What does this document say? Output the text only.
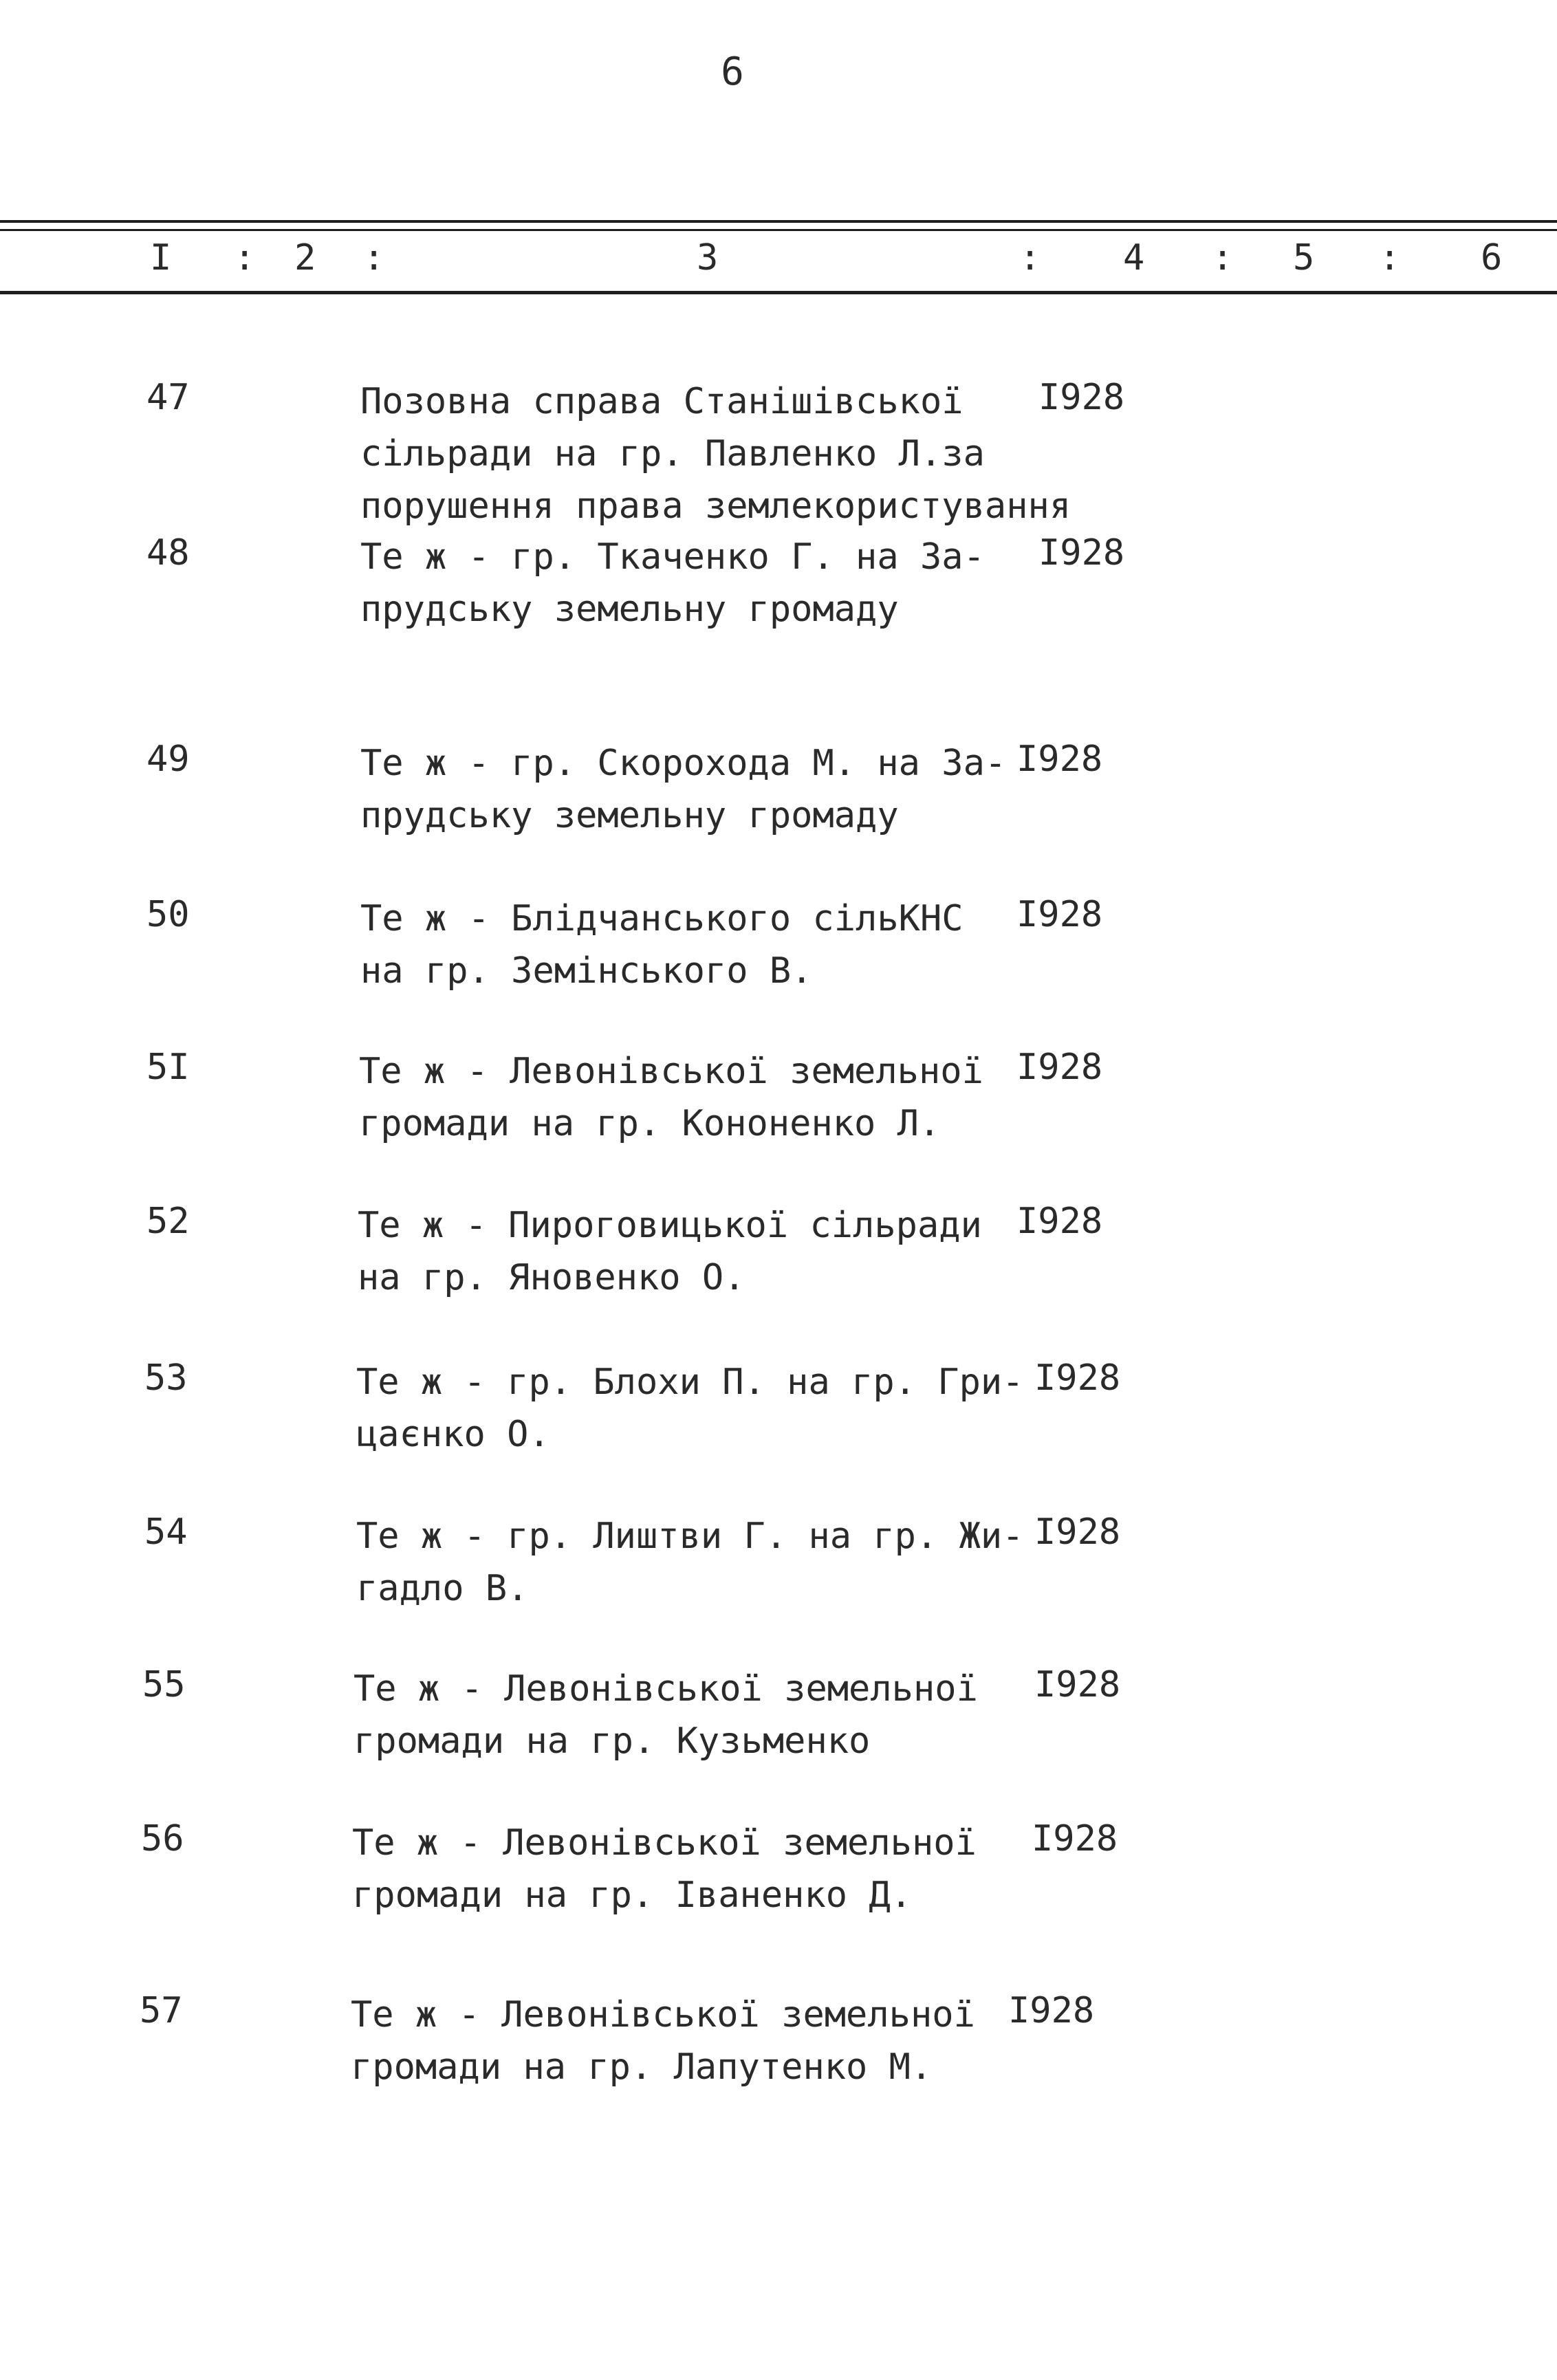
6
I : 2 :	3	: 4 : 5 : 6
47	Позовна справа Станішівської
сільради на гр. Павленко Л.за
порушення права землекористування
I928
48	Те ж - гр. Ткаченко Г. на За-
прудську земельну громаду
I928
49	Те ж - гр. Скорохода М. на За-
прудську земельну громаду
I928
50	Те ж - Блідчанського сільКНС
на гр. Земінського В.
I928
5I	Те ж - Левонівської земельної
громади на гр. Кононенко Л.
I928
52	Те ж - Пироговицької сільради
на гр. Яновенко О.
I928
53	Те ж - гр. Блохи П. на гр. Гри-
цаєнко О.
I928
54	Те ж - гр. Лиштви Г. на гр. Жи-
гадло В.
I928
55	Те ж - Левонівської земельної
громади на гр. Кузьменко
I928
56	Те ж - Левонівської земельної
громади на гр. Іваненко Д.
I928
57	Те ж - Левонівської земельної
громади на гр. Лапутенко М.
I928
